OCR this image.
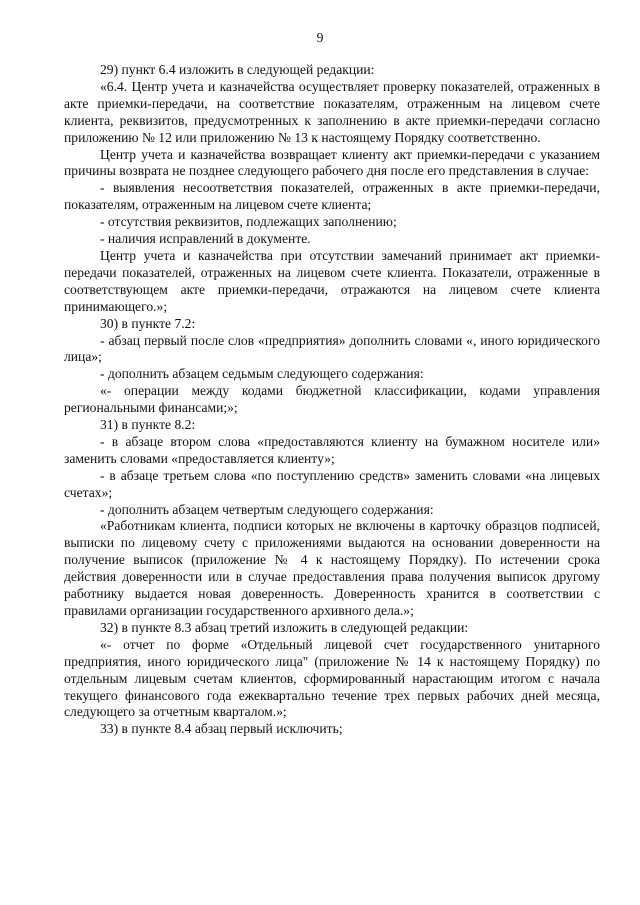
9

29) пункт 6.4 изложить в следующей редакции:

«6.4. Центр учета и казначейства осуществляет проверку показателей, отраженных в акте приемки-передачи, на соответствие показателям, отраженным на лицевом счете клиента, реквизитов, предусмотренных к заполнению в акте приемки-передачи согласно приложению № 12 или приложению № 13 к настоящему Порядку соответственно.

Центр учета и казначейства возвращает клиенту акт приемки-передачи с указанием причины возврата не позднее следующего рабочего дня после его представления в случае:

- выявления несоответствия показателей, отраженных в акте приемки-передачи, показателям, отраженным на лицевом счете клиента;

- отсутствия реквизитов, подлежащих заполнению;

- наличия исправлений в документе.

Центр учета и казначейства при отсутствии замечаний принимает акт приемки-передачи показателей, отраженных на лицевом счете клиента. Показатели, отраженные в соответствующем акте приемки-передачи, отражаются на лицевом счете клиента принимающего.»;

30) в пункте 7.2:

- абзац первый после слов «предприятия» дополнить словами «, иного юридического лица»;

- дополнить абзацем седьмым следующего содержания:

«- операции между кодами бюджетной классификации, кодами управления региональными финансами;»;

31) в пункте 8.2:

- в абзаце втором слова «предоставляются клиенту на бумажном носителе или» заменить словами «предоставляется клиенту»;

- в абзаце третьем слова «по поступлению средств» заменить словами «на лицевых счетах»;

- дополнить абзацем четвертым следующего содержания:

«Работникам клиента, подписи которых не включены в карточку образцов подписей, выписки по лицевому счету с приложениями выдаются на основании доверенности на получение выписок (приложение № 4 к настоящему Порядку). По истечении срока действия доверенности или в случае предоставления права получения выписок другому работнику выдается новая доверенность. Доверенность хранится в соответствии с правилами организации государственного архивного дела.»;

32) в пункте 8.3 абзац третий изложить в следующей редакции:

«- отчет по форме «Отдельный лицевой счет государственного унитарного предприятия, иного юридического лица" (приложение № 14 к настоящему Порядку) по отдельным лицевым счетам клиентов, сформированный нарастающим итогом с начала текущего финансового года ежеквартально течение трех первых рабочих дней месяца, следующего за отчетным кварталом.»;

33) в пункте 8.4 абзац первый исключить;
